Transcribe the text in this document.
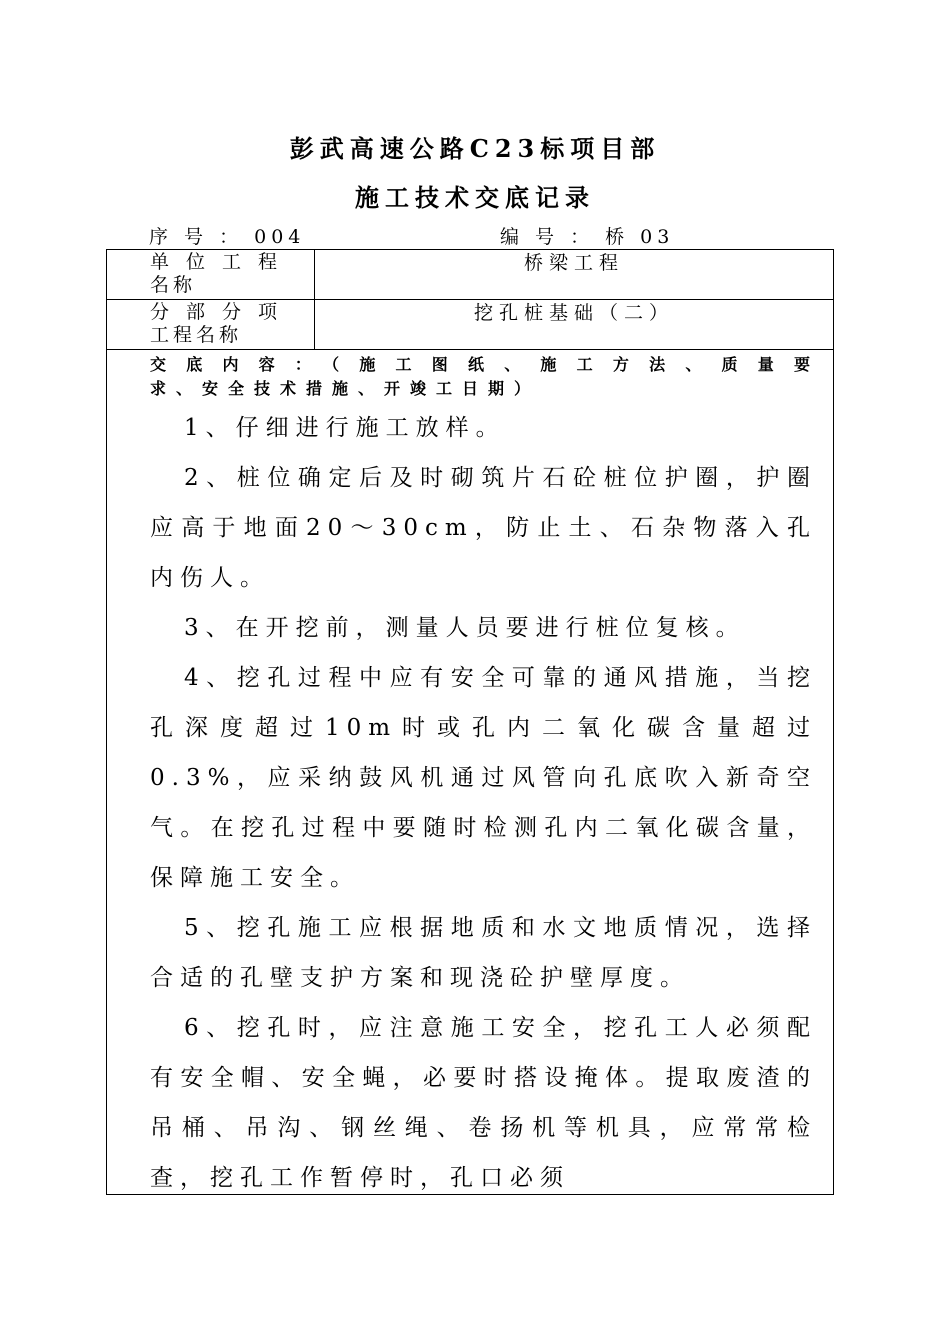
彭武高速公路C23标项目部
施工技术交底记录
序 号 ： 004	编 号 ： 桥 03
单位工程
名称
桥梁工程
分部分项
工程名称
挖孔桩基础（二）
交底内容：（施工图纸、施工方法、质量要
求、安全技术措施、开竣工日期）

1、仔细进行施工放样。

2、桩位确定后及时砌筑片石砼桩位护圈，护圈应高于地面20～30cm，防止土、石杂物落入孔内伤人。

3、在开挖前，测量人员要进行桩位复核。

4、挖孔过程中应有安全可靠的通风措施，当挖孔深度超过10m时或孔内二氧化碳含量超过0.3%，应采纳鼓风机通过风管向孔底吹入新奇空气。在挖孔过程中要随时检测孔内二氧化碳含量，保障施工安全。

5、挖孔施工应根据地质和水文地质情况，选择合适的孔壁支护方案和现浇砼护壁厚度。

6、挖孔时，应注意施工安全，挖孔工人必须配有安全帽、安全蝇，必要时搭设掩体。提取废渣的吊桶、吊沟、钢丝绳、卷扬机等机具，应常常检查，挖孔工作暂停时，孔口必须
